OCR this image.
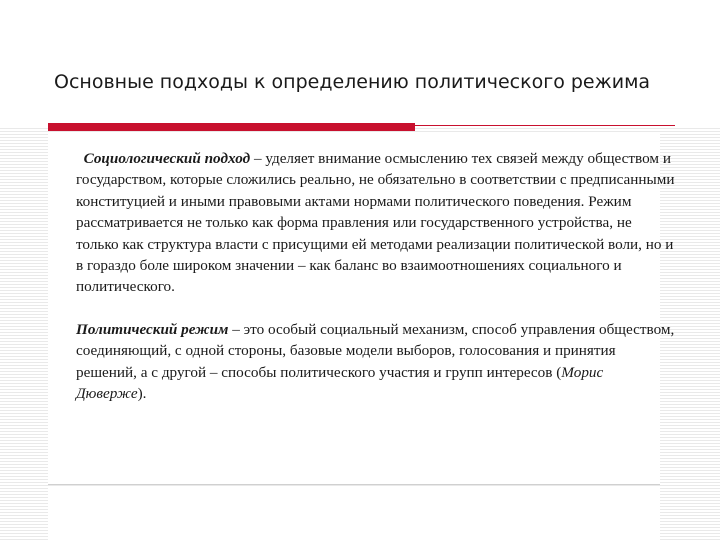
Основные подходы к определению политического режима

Социологический подход – уделяет внимание осмыслению тех связей между обществом и государством, которые сложились реально, не обязательно в соответствии с предписанными конституцией и иными правовыми актами нормами политического поведения. Режим рассматривается не только как форма правления или государственного устройства, не только как структура власти с присущими ей методами реализации политической воли, но и в гораздо боле широком значении – как баланс во взаимоотношениях социального и политического.

Политический режим – это особый социальный механизм, способ управления обществом, соединяющий, с одной стороны, базовые модели выборов, голосования и принятия решений, а с другой – способы политического участия и групп интересов (Морис Дюверже).
